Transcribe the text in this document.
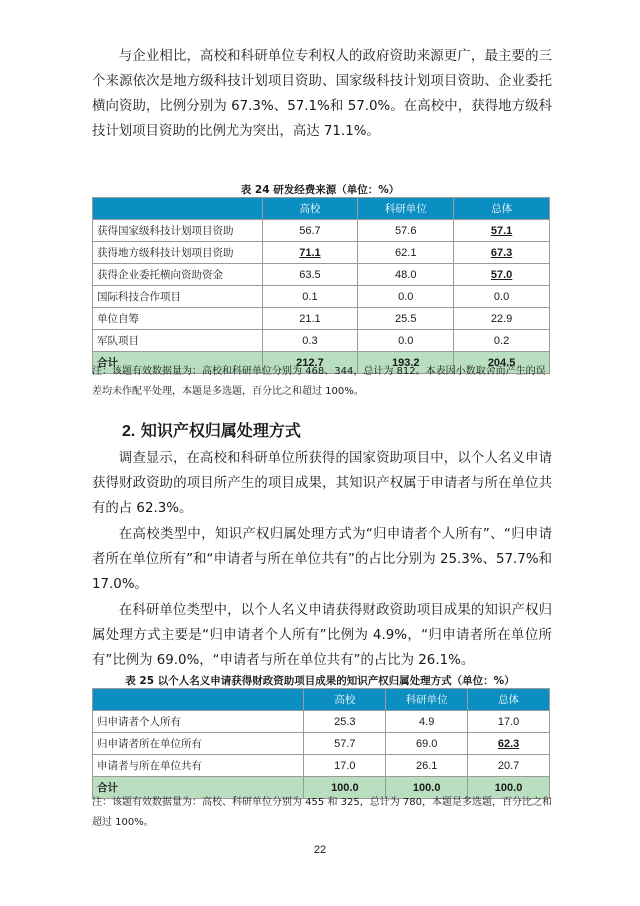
与企业相比，高校和科研单位专利权人的政府资助来源更广，最主要的三个来源依次是地方级科技计划项目资助、国家级科技计划项目资助、企业委托横向资助，比例分别为 67.3%、57.1%和 57.0%。在高校中，获得地方级科技计划项目资助的比例尤为突出，高达 71.1%。

表 24 研发经费来源（单位：%）
	高校	科研单位	总体
获得国家级科技计划项目资助	56.7	57.6	57.1
获得地方级科技计划项目资助	71.1	62.1	67.3
获得企业委托横向资助资金	63.5	48.0	57.0
国际科技合作项目	0.1	0.0	0.0
单位自筹	21.1	25.5	22.9
军队项目	0.3	0.0	0.2
合计	212.7	193.2	204.5
注：该题有效数据量为：高校和科研单位分别为 468、344，总计为 812。本表因小数取舍而产生的误差均未作配平处理，本题是多选题，百分比之和超过 100%。
2. 知识产权归属处理方式

调查显示，在高校和科研单位所获得的国家资助项目中，以个人名义申请获得财政资助的项目所产生的项目成果，其知识产权属于申请者与所在单位共有的占 62.3%。

在高校类型中，知识产权归属处理方式为“归申请者个人所有”、“归申请者所在单位所有”和“申请者与所在单位共有”的占比分别为 25.3%、57.7%和 17.0%。

在科研单位类型中，以个人名义申请获得财政资助项目成果的知识产权归属处理方式主要是“归申请者个人所有”比例为 4.9%，“归申请者所在单位所有”比例为 69.0%，“申请者与所在单位共有”的占比为 26.1%。

表 25 以个人名义申请获得财政资助项目成果的知识产权归属处理方式（单位：%）
	高校	科研单位	总体
归申请者个人所有	25.3	4.9	17.0
归申请者所在单位所有	57.7	69.0	62.3
申请者与所在单位共有	17.0	26.1	20.7
合计	100.0	100.0	100.0
注：该题有效数据量为：高校、科研单位分别为 455 和 325，总计为 780，本题是多选题，百分比之和超过 100%。
22
